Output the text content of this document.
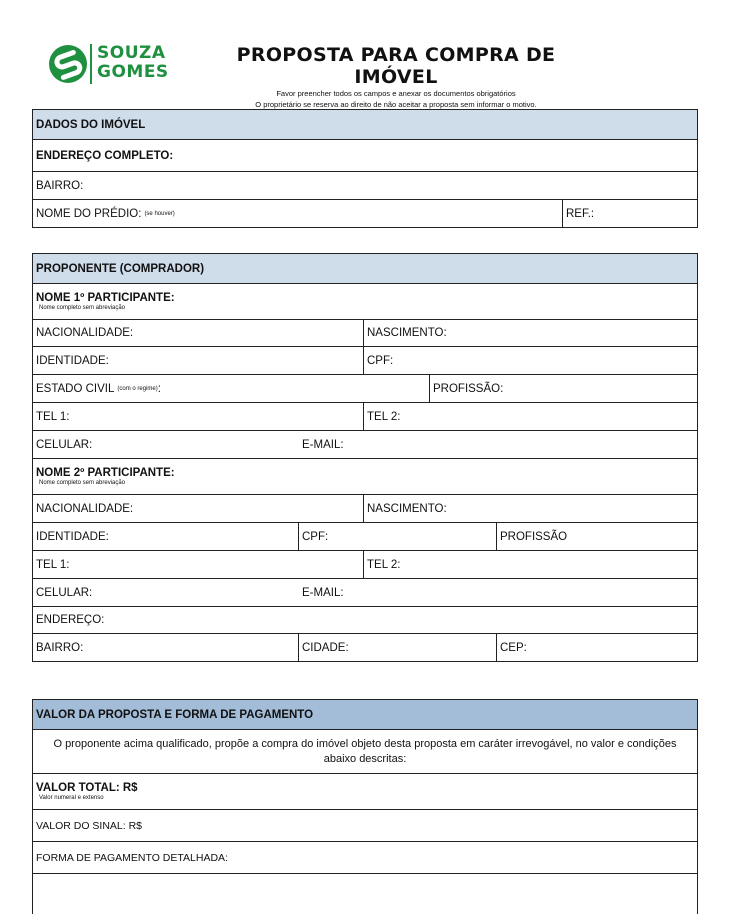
SOUZA
GOMES
PROPOSTA PARA COMPRA DE IMÓVEL
Favor preencher todos os campos e anexar os documentos obrigatórios
O proprietário se reserva ao direito de não aceitar a proposta sem informar o motivo.
DADOS DO IMÓVEL
ENDEREÇO COMPLETO:
BAIRRO:
NOME DO PRÉDIO: (se houver)	REF.:
PROPONENTE (COMPRADOR)
NOME 1º PARTICIPANTE:
Nome completo sem abreviação
NACIONALIDADE:	NASCIMENTO:
IDENTIDADE:	CPF:
ESTADO CIVIL (com o regime) :	PROFISSÃO:
TEL 1:	TEL 2:
CELULAR:	E-MAIL:
NOME 2º PARTICIPANTE:
Nome completo sem abreviação
NACIONALIDADE:	NASCIMENTO:
IDENTIDADE:	CPF:	PROFISSÃO
TEL 1:	TEL 2:
CELULAR:	E-MAIL:
ENDEREÇO:
BAIRRO:	CIDADE:	CEP:
VALOR DA PROPOSTA E FORMA DE PAGAMENTO
O proponente acima qualificado, propõe a compra do imóvel objeto desta proposta em caráter irrevogável, no valor e condições abaixo descritas:
VALOR TOTAL: R$
Valor numeral e extenso
VALOR DO SINAL: R$
FORMA DE PAGAMENTO DETALHADA:
